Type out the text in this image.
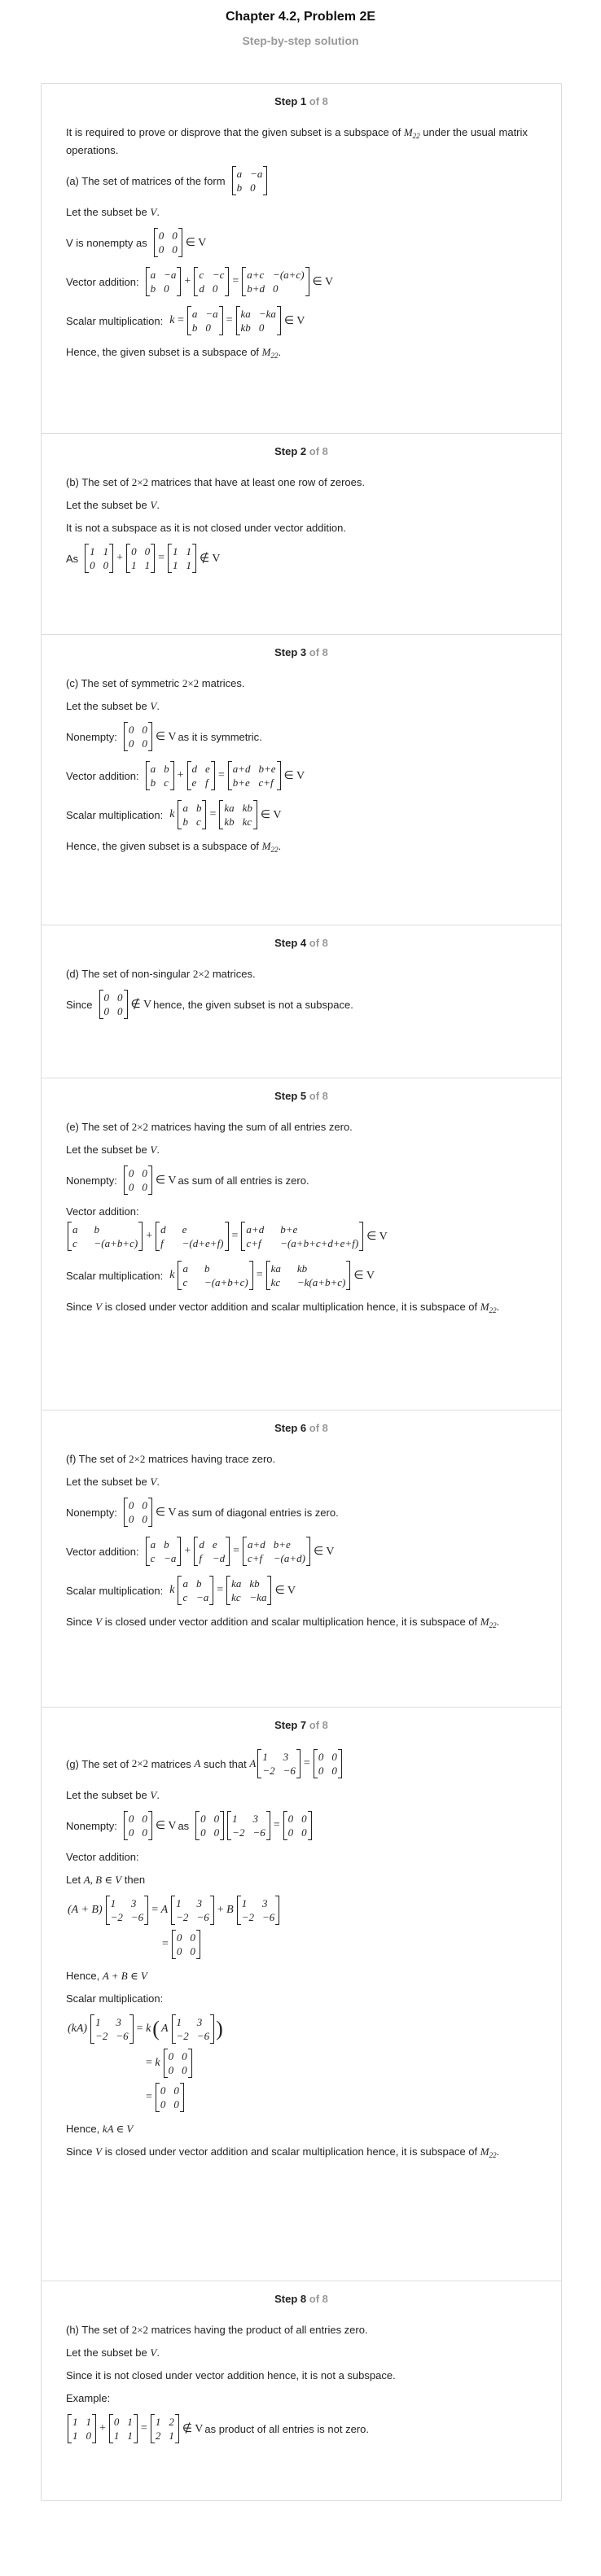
Chapter 4.2, Problem 2E
Step-by-step solution
Step 1 of 8
It is required to prove or disprove that the given subset is a subspace of $M_{22}$ under the usual matrix operations.
(a) The set of matrices of the form
a −a
b 0
Let the subset be V.
V is nonempty as
0 0
0 0
∈ V
Vector addition:
a −a
b 0
+
c −c
d 0
=
a+c −(a+c)
b+d 0
∈ V
Scalar multiplication: k =
a −a
b 0
=
ka −ka
kb 0
∈ V
Hence, the given subset is a subspace of $M_{22}$.
Step 2 of 8
(b) The set of 2×2 matrices that have at least one row of zeroes.
Let the subset be V.
It is not a subspace as it is not closed under vector addition.
As
1 1
0 0
+
0 0
1 1
=
1 1
1 1
∉ V
Step 3 of 8
(c) The set of symmetric 2×2 matrices.
Let the subset be V.
Nonempty:
0 0
0 0
∈ V as it is symmetric.
Vector addition:
a b
b c
+
d e
e f
=
a+d b+e
b+e c+f
∈ V
Scalar multiplication: k
a b
b c
=
ka kb
kb kc
∈ V
Hence, the given subset is a subspace of $M_{22}$.
Step 4 of 8
(d) The set of non-singular 2×2 matrices.
Since
0 0
0 0
∉ V hence, the given subset is not a subspace.
Step 5 of 8
(e) The set of 2×2 matrices having the sum of all entries zero.
Let the subset be V.
Nonempty:
0 0
0 0
∈ V as sum of all entries is zero.
Vector addition:
a b
c −(a+b+c)
+
d e
f −(d+e+f)
=
a+d b+e
c+f −(a+b+c+d+e+f)
∈ V
Scalar multiplication: k
a b
c −(a+b+c)
=
ka kb
kc −k(a+b+c)
∈ V
Since V is closed under vector addition and scalar multiplication hence, it is subspace of $M_{22}$.
Step 6 of 8
(f) The set of 2×2 matrices having trace zero.
Let the subset be V.
Nonempty:
0 0
0 0
∈ V as sum of diagonal entries is zero.
Vector addition:
a b
c −a
+
d e
f −d
=
a+d b+e
c+f −(a+d)
∈ V
Scalar multiplication: k
a b
c −a
=
ka kb
kc −ka
∈ V
Since V is closed under vector addition and scalar multiplication hence, it is subspace of $M_{22}$.
Step 7 of 8
(g) The set of
2×2
matrices
A
such that
A
1	3
−2 −6
=
0 0
0 0
Let the subset be V.
Nonempty:
0 0
0 0
∈ V as
0 0
0 0
1	3
−2 −6
=
0 0
0 0
Vector addition:
Let A, B ∈ V then
(A + B)
1	3
−2 −6
= A
1	3
−2 −6
+ B
1	3
−2 −6
=
0 0
0 0
Hence, A + B ∈ V
Scalar multiplication:
(kA)
1	3
−2 −6
= k ( A
1	3
−2 −6 )
= k
0 0
0 0
=
0 0
0 0
Hence, kA ∈ V
Since V is closed under vector addition and scalar multiplication hence, it is subspace of $M_{22}$.
Step 8 of 8
(h) The set of 2×2 matrices having the product of all entries zero.
Let the subset be V.
Since it is not closed under vector addition hence, it is not a subspace.
Example:
1 1
1 0
+
0 1
1 1
=
1 2
2 1
∉ V as product of all entries is not zero.
